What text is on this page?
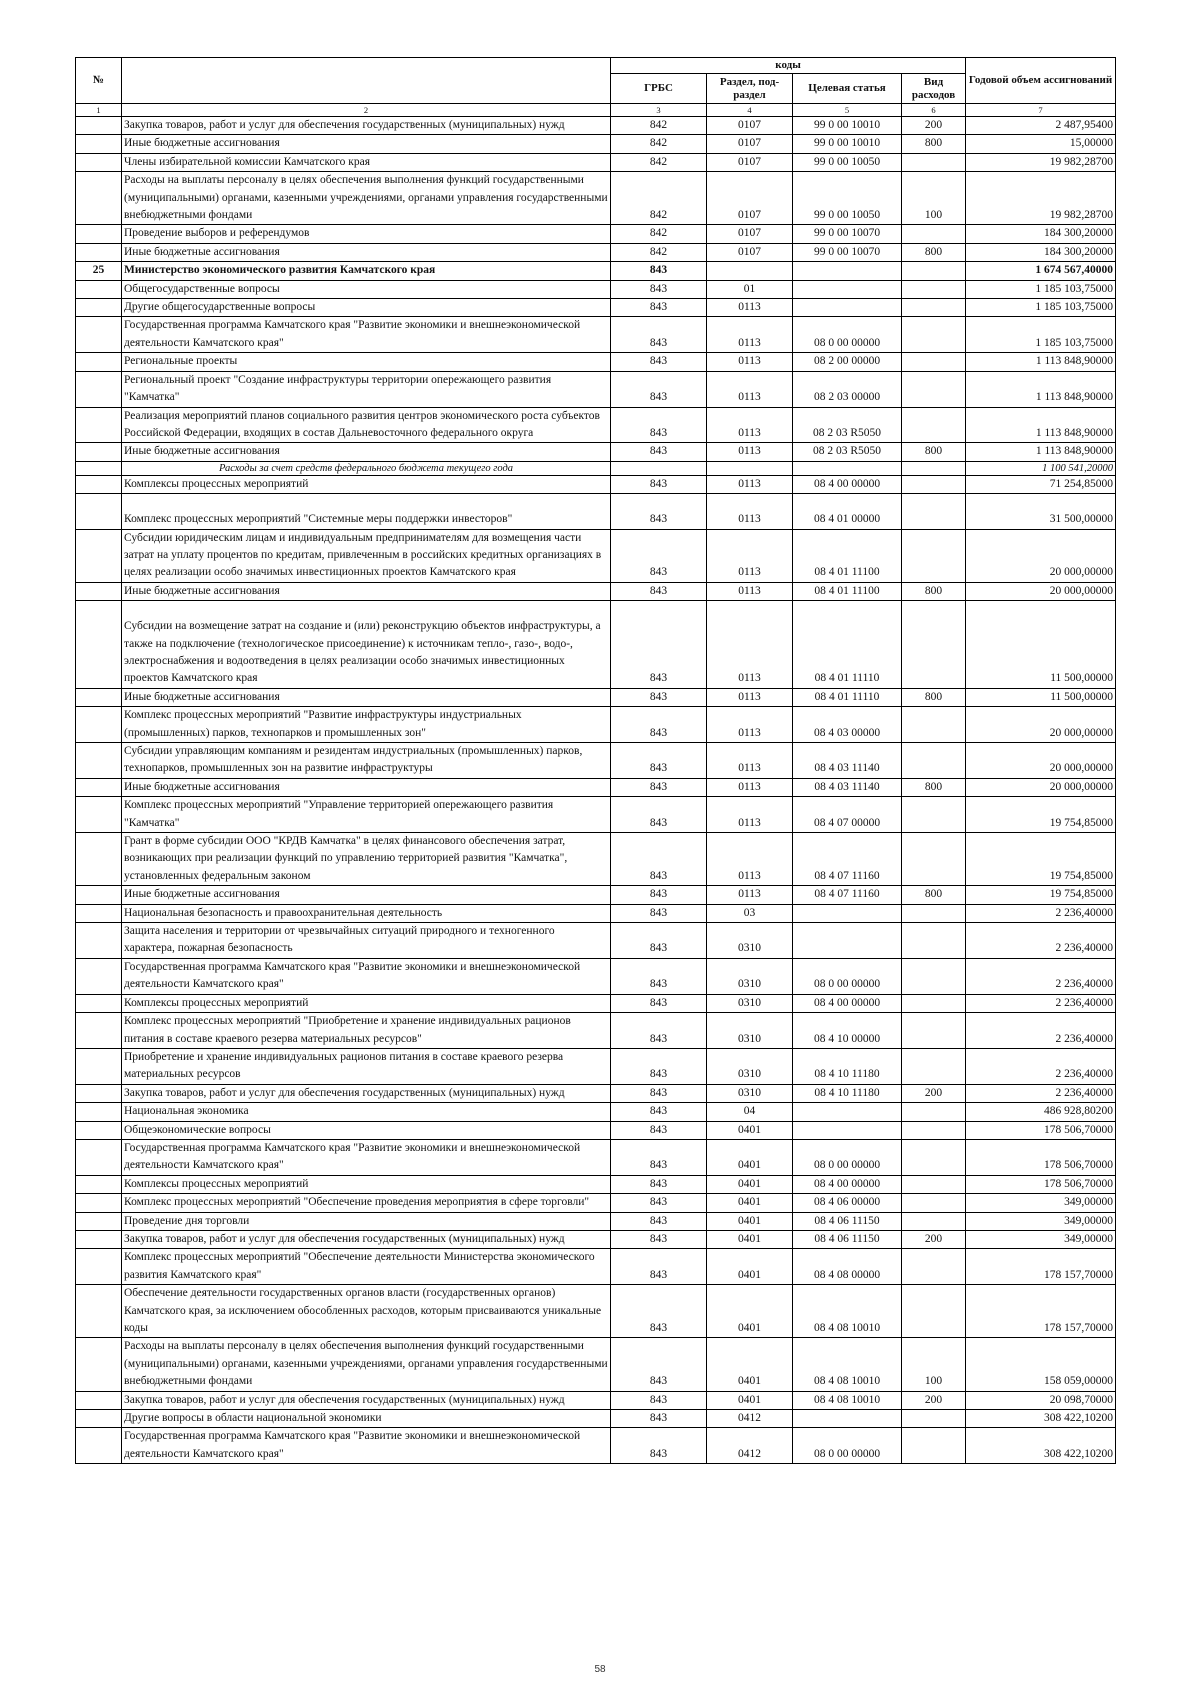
№		коды				Годовой объем ассигнований
		ГРБС	Раздел, под-раздел	Целевая статья	Вид расходов	
1	2	3	4	5	6	7
	Закупка товаров, работ и услуг для обеспечения государственных (муниципальных) нужд	842	0107	99 0 00 10010	200	2 487,95400
	Иные бюджетные ассигнования	842	0107	99 0 00 10010	800	15,00000
	Члены избирательной комиссии Камчатского края	842	0107	99 0 00 10050		19 982,28700
	Расходы на выплаты персоналу в целях обеспечения выполнения функций государственными (муниципальными) органами, казенными учреждениями, органами управления государственными внебюджетными фондами	842	0107	99 0 00 10050	100	19 982,28700
	Проведение выборов и референдумов	842	0107	99 0 00 10070		184 300,20000
	Иные бюджетные ассигнования	842	0107	99 0 00 10070	800	184 300,20000
25	Министерство экономического развития Камчатского края	843				1 674 567,40000
	Общегосударственные вопросы	843	01			1 185 103,75000
	Другие общегосударственные вопросы	843	0113			1 185 103,75000
	Государственная программа Камчатского края "Развитие экономики и внешнеэкономической деятельности Камчатского края"	843	0113	08 0 00 00000		1 185 103,75000
	Региональные проекты	843	0113	08 2 00 00000		1 113 848,90000
	Региональный проект "Создание инфраструктуры территории опережающего развития "Камчатка"	843	0113	08 2 03 00000		1 113 848,90000
	Реализация мероприятий планов социального развития центров экономического роста субъектов Российской Федерации, входящих в состав Дальневосточного федерального округа	843	0113	08 2 03 R5050		1 113 848,90000
	Иные бюджетные ассигнования	843	0113	08 2 03 R5050	800	1 113 848,90000
	Расходы за счет средств федерального бюджета текущего года					1 100 541,20000
	Комплексы процессных мероприятий	843	0113	08 4 00 00000		71 254,85000
	Комплекс процессных мероприятий "Системные меры поддержки инвесторов"	843	0113	08 4 01 00000		31 500,00000
	Субсидии юридическим лицам и индивидуальным предпринимателям для возмещения части затрат на уплату процентов по кредитам, привлеченным в российских кредитных организациях в целях реализации особо значимых инвестиционных проектов Камчатского края	843	0113	08 4 01 11100		20 000,00000
	Иные бюджетные ассигнования	843	0113	08 4 01 11100	800	20 000,00000
	Субсидии на возмещение затрат на создание и (или) реконструкцию объектов инфраструктуры, а также на подключение (технологическое присоединение) к источникам тепло-, газо-, водо-, электроснабжения и водоотведения в целях реализации особо значимых инвестиционных проектов Камчатского края	843	0113	08 4 01 11110		11 500,00000
	Иные бюджетные ассигнования	843	0113	08 4 01 11110	800	11 500,00000
	Комплекс процессных мероприятий "Развитие инфраструктуры индустриальных (промышленных) парков, технопарков и промышленных зон"	843	0113	08 4 03 00000		20 000,00000
	Субсидии управляющим компаниям и резидентам индустриальных (промышленных) парков, технопарков, промышленных зон на развитие инфраструктуры	843	0113	08 4 03 11140		20 000,00000
	Иные бюджетные ассигнования	843	0113	08 4 03 11140	800	20 000,00000
	Комплекс процессных мероприятий "Управление территорией опережающего развития "Камчатка"	843	0113	08 4 07 00000		19 754,85000
	Грант в форме субсидии ООО "КРДВ Камчатка" в целях финансового обеспечения затрат, возникающих при реализации функций по управлению территорией развития "Камчатка", установленных федеральным законом	843	0113	08 4 07 11160		19 754,85000
	Иные бюджетные ассигнования	843	0113	08 4 07 11160	800	19 754,85000
	Национальная безопасность и правоохранительная деятельность	843	03			2 236,40000
	Защита населения и территории от чрезвычайных ситуаций природного и техногенного характера, пожарная безопасность	843	0310			2 236,40000
	Государственная программа Камчатского края "Развитие экономики и внешнеэкономической деятельности Камчатского края"	843	0310	08 0 00 00000		2 236,40000
	Комплексы процессных мероприятий	843	0310	08 4 00 00000		2 236,40000
	Комплекс процессных мероприятий "Приобретение и хранение индивидуальных рационов питания в составе краевого резерва материальных ресурсов"	843	0310	08 4 10 00000		2 236,40000
	Приобретение и хранение индивидуальных рационов питания в составе краевого резерва материальных ресурсов	843	0310	08 4 10 11180		2 236,40000
	Закупка товаров, работ и услуг для обеспечения государственных (муниципальных) нужд	843	0310	08 4 10 11180	200	2 236,40000
	Национальная экономика	843	04			486 928,80200
	Общеэкономические вопросы	843	0401			178 506,70000
	Государственная программа Камчатского края "Развитие экономики и внешнеэкономической деятельности Камчатского края"	843	0401	08 0 00 00000		178 506,70000
	Комплексы процессных мероприятий	843	0401	08 4 00 00000		178 506,70000
	Комплекс процессных мероприятий "Обеспечение проведения мероприятия в сфере торговли"	843	0401	08 4 06 00000		349,00000
	Проведение дня торговли	843	0401	08 4 06 11150		349,00000
	Закупка товаров, работ и услуг для обеспечения государственных (муниципальных) нужд	843	0401	08 4 06 11150	200	349,00000
	Комплекс процессных мероприятий "Обеспечение деятельности Министерства экономического развития Камчатского края"	843	0401	08 4 08 00000		178 157,70000
	Обеспечение деятельности государственных органов власти (государственных органов) Камчатского края, за исключением обособленных расходов, которым присваиваются уникальные коды	843	0401	08 4 08 10010		178 157,70000
	Расходы на выплаты персоналу в целях обеспечения выполнения функций государственными (муниципальными) органами, казенными учреждениями, органами управления государственными внебюджетными фондами	843	0401	08 4 08 10010	100	158 059,00000
	Закупка товаров, работ и услуг для обеспечения государственных (муниципальных) нужд	843	0401	08 4 08 10010	200	20 098,70000
	Другие вопросы в области национальной экономики	843	0412			308 422,10200
	Государственная программа Камчатского края "Развитие экономики и внешнеэкономической деятельности Камчатского края"	843	0412	08 0 00 00000		308 422,10200
58
